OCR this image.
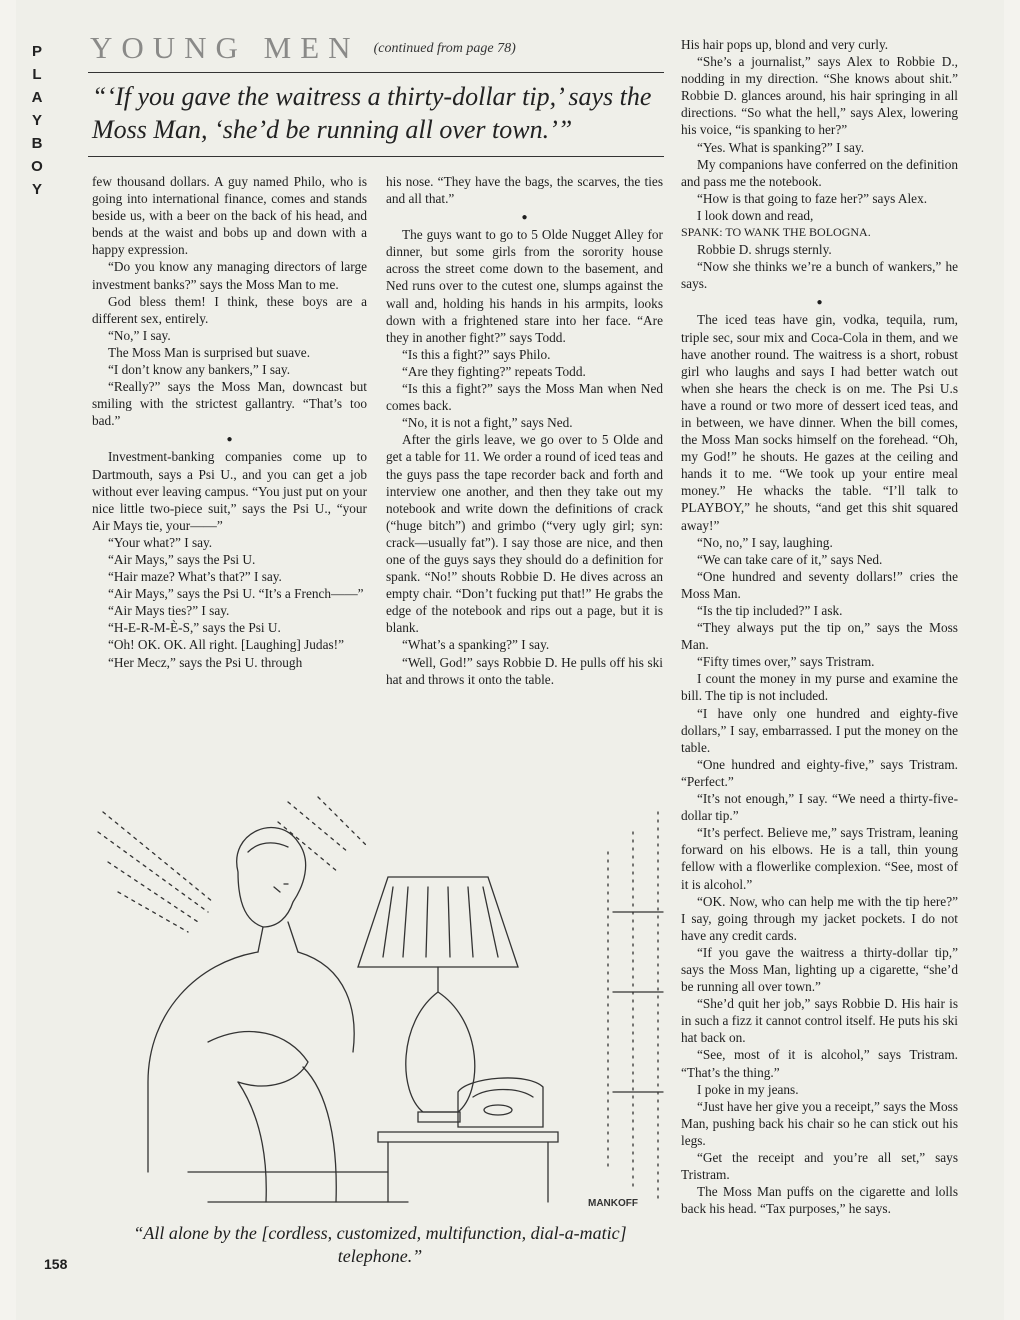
P
L
A
Y
B
O
Y
YOUNG MEN (continued from page 78)
“‘If you gave the waitress a thirty-dollar tip,’ says the Moss Man, ‘she’d be running all over town.’”

few thousand dollars. A guy named Philo, who is going into international finance, comes and stands beside us, with a beer on the back of his head, and bends at the waist and bobs up and down with a happy expression.

“Do you know any managing directors of large investment banks?” says the Moss Man to me.

God bless them! I think, these boys are a different sex, entirely.

“No,” I say.

The Moss Man is surprised but suave.

“I don’t know any bankers,” I say.

“Really?” says the Moss Man, downcast but smiling with the strictest gallantry. “That’s too bad.”

●

Investment-banking companies come up to Dartmouth, says a Psi U., and you can get a job without ever leaving campus. “You just put on your nice little two-piece suit,” says the Psi U., “your Air Mays tie, your——”

“Your what?” I say.

“Air Mays,” says the Psi U.

“Hair maze? What’s that?” I say.

“Air Mays,” says the Psi U. “It’s a French——”

“Air Mays ties?” I say.

“H-E-R-M-È-S,” says the Psi U.

“Oh! OK. OK. All right. [Laughing] Judas!”

“Her Mecz,” says the Psi U. through

his nose. “They have the bags, the scarves, the ties and all that.”

●

The guys want to go to 5 Olde Nugget Alley for dinner, but some girls from the sorority house across the street come down to the basement, and Ned runs over to the cutest one, slumps against the wall and, holding his hands in his armpits, looks down with a frightened stare into her face. “Are they in another fight?” says Todd.

“Is this a fight?” says Philo.

“Are they fighting?” repeats Todd.

“Is this a fight?” says the Moss Man when Ned comes back.

“No, it is not a fight,” says Ned.

After the girls leave, we go over to 5 Olde and get a table for 11. We order a round of iced teas and the guys pass the tape recorder back and forth and interview one another, and then they take out my notebook and write down the definitions of crack (“huge bitch”) and grimbo (“very ugly girl; syn: crack—usually fat”). I say those are nice, and then one of the guys says they should do a definition for spank. “No!” shouts Robbie D. He dives across an empty chair. “Don’t fucking put that!” He grabs the edge of the notebook and rips out a page, but it is blank.

“What’s a spanking?” I say.

“Well, God!” says Robbie D. He pulls off his ski hat and throws it onto the table.

His hair pops up, blond and very curly.

“She’s a journalist,” says Alex to Robbie D., nodding in my direction. “She knows about shit.” Robbie D. glances around, his hair springing in all directions. “So what the hell,” says Alex, lowering his voice, “is spanking to her?”

“Yes. What is spanking?” I say.

My companions have conferred on the definition and pass me the notebook.

“How is that going to faze her?” says Alex.

I look down and read,

SPANK: TO WANK THE BOLOGNA.

Robbie D. shrugs sternly.

“Now she thinks we’re a bunch of wankers,” he says.

●

The iced teas have gin, vodka, tequila, rum, triple sec, sour mix and Coca-Cola in them, and we have another round. The waitress is a short, robust girl who laughs and says I had better watch out when she hears the check is on me. The Psi U.s have a round or two more of dessert iced teas, and in between, we have dinner. When the bill comes, the Moss Man socks himself on the forehead. “Oh, my God!” he shouts. He gazes at the ceiling and hands it to me. “We took up your entire meal money.” He whacks the table. “I’ll talk to PLAYBOY,” he shouts, “and get this shit squared away!”

“No, no,” I say, laughing.

“We can take care of it,” says Ned.

“One hundred and seventy dollars!” cries the Moss Man.

“Is the tip included?” I ask.

“They always put the tip on,” says the Moss Man.

“Fifty times over,” says Tristram.

I count the money in my purse and examine the bill. The tip is not included.

“I have only one hundred and eighty-five dollars,” I say, embarrassed. I put the money on the table.

“One hundred and eighty-five,” says Tristram. “Perfect.”

“It’s not enough,” I say. “We need a thirty-five-dollar tip.”

“It’s perfect. Believe me,” says Tristram, leaning forward on his elbows. He is a tall, thin young fellow with a flowerlike complexion. “See, most of it is alcohol.”

“OK. Now, who can help me with the tip here?” I say, going through my jacket pockets. I do not have any credit cards.

“If you gave the waitress a thirty-dollar tip,” says the Moss Man, lighting up a cigarette, “she’d be running all over town.”

“She’d quit her job,” says Robbie D. His hair is in such a fizz it cannot control itself. He puts his ski hat back on.

“See, most of it is alcohol,” says Tristram. “That’s the thing.”

I poke in my jeans.

“Just have her give you a receipt,” says the Moss Man, pushing back his chair so he can stick out his legs.

“Get the receipt and you’re all set,” says Tristram.

The Moss Man puffs on the cigarette and lolls back his head. “Tax purposes,” he says.

MANKOFF
“All alone by the [cordless, customized, multifunction, dial-a-matic] telephone.”
158
